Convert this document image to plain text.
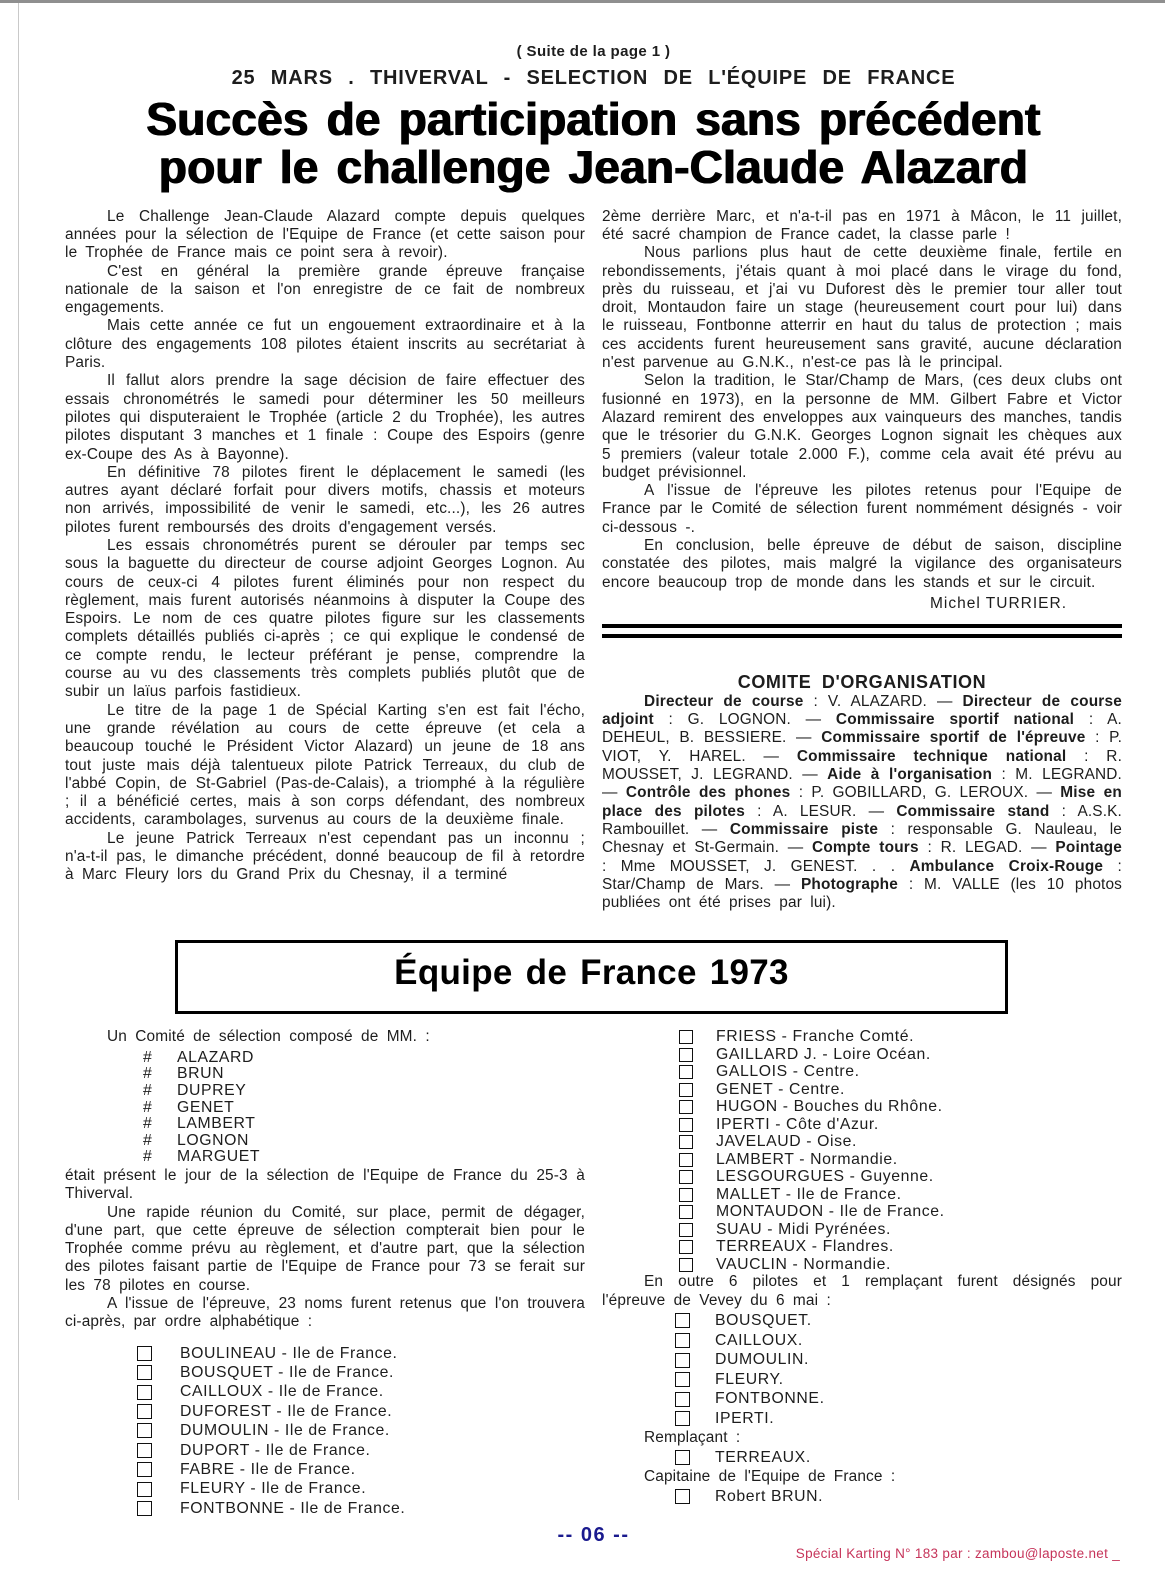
( Suite de la page 1 )
25 MARS . THIVERVAL - SELECTION DE L'ÉQUIPE DE FRANCE
Succès de participation sans précédent
pour le challenge Jean-Claude Alazard

Le Challenge Jean-Claude Alazard compte depuis quelques années pour la sélection de l'Equipe de France (et cette saison pour le Trophée de France mais ce point sera à revoir).

C'est en général la première grande épreuve française nationale de la saison et l'on enregistre de ce fait de nombreux engagements.

Mais cette année ce fut un engouement extraordinaire et à la clôture des engagements 108 pilotes étaient inscrits au secrétariat à Paris.

Il fallut alors prendre la sage décision de faire effectuer des essais chronométrés le samedi pour déterminer les 50 meilleurs pilotes qui disputeraient le Trophée (article 2 du Trophée), les autres pilotes disputant 3 manches et 1 finale : Coupe des Espoirs (genre ex-Coupe des As à Bayonne).

En définitive 78 pilotes firent le déplacement le samedi (les autres ayant déclaré forfait pour divers motifs, chassis et moteurs non arrivés, impossibilité de venir le samedi, etc...), les 26 autres pilotes furent remboursés des droits d'engagement versés.

Les essais chronométrés purent se dérouler par temps sec sous la baguette du directeur de course adjoint Georges Lognon. Au cours de ceux-ci 4 pilotes furent éliminés pour non respect du règlement, mais furent autorisés néanmoins à disputer la Coupe des Espoirs. Le nom de ces quatre pilotes figure sur les classements complets détaillés publiés ci-après ; ce qui explique le condensé de ce compte rendu, le lecteur préférant je pense, comprendre la course au vu des classements très complets publiés plutôt que de subir un laïus parfois fastidieux.

Le titre de la page 1 de Spécial Karting s'en est fait l'écho, une grande révélation au cours de cette épreuve (et cela a beaucoup touché le Président Victor Alazard) un jeune de 18 ans tout juste mais déjà talentueux pilote Patrick Terreaux, du club de l'abbé Copin, de St-Gabriel (Pas-de-Calais), a triomphé à la régulière ; il a bénéficié certes, mais à son corps défendant, des nombreux accidents, carambolages, survenus au cours de la deuxième finale.

Le jeune Patrick Terreaux n'est cependant pas un inconnu ; n'a-t-il pas, le dimanche précédent, donné beaucoup de fil à retordre à Marc Fleury lors du Grand Prix du Chesnay, il a terminé

2ème derrière Marc, et n'a-t-il pas en 1971 à Mâcon, le 11 juillet, été sacré champion de France cadet, la classe parle !

Nous parlions plus haut de cette deuxième finale, fertile en rebondissements, j'étais quant à moi placé dans le virage du fond, près du ruisseau, et j'ai vu Duforest dès le premier tour aller tout droit, Montaudon faire un stage (heureusement court pour lui) dans le ruisseau, Fontbonne atterrir en haut du talus de protection ; mais ces accidents furent heureusement sans gravité, aucune déclaration n'est parvenue au G.N.K., n'est-ce pas là le principal.

Selon la tradition, le Star/Champ de Mars, (ces deux clubs ont fusionné en 1973), en la personne de MM. Gilbert Fabre et Victor Alazard remirent des enveloppes aux vainqueurs des manches, tandis que le trésorier du G.N.K. Georges Lognon signait les chèques aux 5 premiers (valeur totale 2.000 F.), comme cela avait été prévu au budget prévisionnel.

A l'issue de l'épreuve les pilotes retenus pour l'Equipe de France par le Comité de sélection furent nommément désignés - voir ci-dessous -.

En conclusion, belle épreuve de début de saison, discipline constatée des pilotes, mais malgré la vigilance des organisateurs encore beaucoup trop de monde dans les stands et sur le circuit.

Michel TURRIER.
COMITE D'ORGANISATION

Directeur de course : V. ALAZARD. — Directeur de course adjoint : G. LOGNON. — Commissaire sportif national : A. DEHEUL, B. BESSIERE. — Commissaire sportif de l'épreuve : P. VIOT, Y. HAREL. — Commissaire technique national : R. MOUSSET, J. LEGRAND. — Aide à l'organisation : M. LEGRAND. — Contrôle des phones : P. GOBILLARD, G. LEROUX. — Mise en place des pilotes : A. LESUR. — Commissaire stand : A.S.K. Rambouillet. — Commissaire piste : responsable G. Nauleau, le Chesnay et St-Germain. — Compte tours : R. LEGAD. — Pointage : Mme MOUSSET, J. GENEST. . . Ambulance Croix-Rouge : Star/Champ de Mars. — Photographe : M. VALLE (les 10 photos publiées ont été prises par lui).

Équipe de France 1973

Un Comité de sélection composé de MM. :

# ALAZARD
# BRUN
# DUPREY
# GENET
# LAMBERT
# LOGNON
# MARGUET

était présent le jour de la sélection de l'Equipe de France du 25-3 à Thiverval.

Une rapide réunion du Comité, sur place, permit de dégager, d'une part, que cette épreuve de sélection compterait bien pour le Trophée comme prévu au règlement, et d'autre part, que la sélection des pilotes faisant partie de l'Equipe de France pour 73 se ferait sur les 78 pilotes en course.

A l'issue de l'épreuve, 23 noms furent retenus que l'on trouvera ci-après, par ordre alphabétique :

BOULINEAU - Ile de France.
BOUSQUET - Ile de France.
CAILLOUX - Ile de France.
DUFOREST - Ile de France.
DUMOULIN - Ile de France.
DUPORT - Ile de France.
FABRE - Ile de France.
FLEURY - Ile de France.
FONTBONNE - Ile de France.
FRIESS - Franche Comté.
GAILLARD J. - Loire Océan.
GALLOIS - Centre.
GENET - Centre.
HUGON - Bouches du Rhône.
IPERTI - Côte d'Azur.
JAVELAUD - Oise.
LAMBERT - Normandie.
LESGOURGUES - Guyenne.
MALLET - Ile de France.
MONTAUDON - Ile de France.
SUAU - Midi Pyrénées.
TERREAUX - Flandres.
VAUCLIN - Normandie.

En outre 6 pilotes et 1 remplaçant furent désignés pour l'épreuve de Vevey du 6 mai :

BOUSQUET.
CAILLOUX.
DUMOULIN.
FLEURY.
FONTBONNE.
IPERTI.

Remplaçant :

TERREAUX.

Capitaine de l'Equipe de France :

Robert BRUN.
-- 06 --
Spécial Karting N° 183 par : zambou@laposte.net _
